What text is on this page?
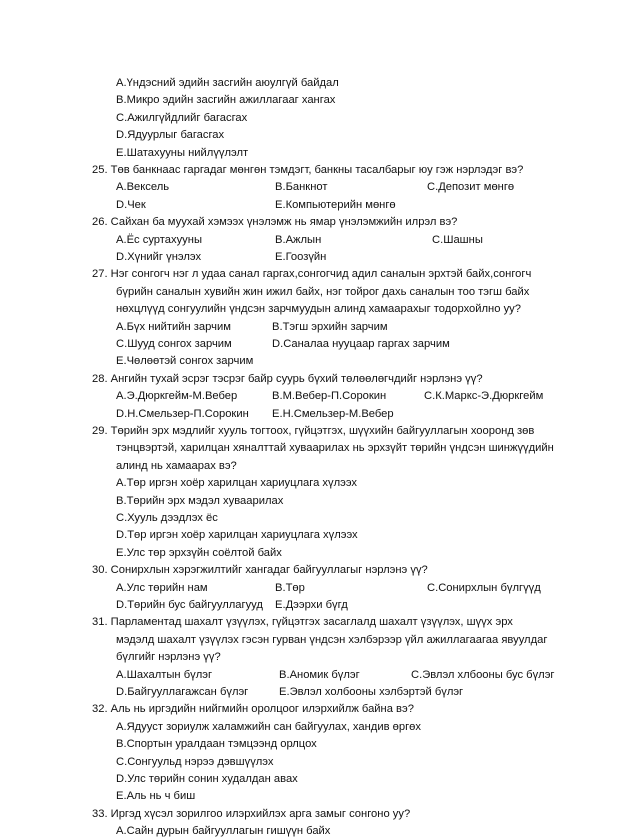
А.Үндэсний эдийн засгийн аюулгүй байдал
В.Микро эдийн засгийн ажиллагааг хангах
С.Ажилгүйдлийг багасгах
D.Ядуурлыг багасгах
Е.Шатахууны нийлүүлэлт
25. Төв банкнаас гаргадаг мөнгөн тэмдэгт, банкны тасалбарыг юу гэж нэрлэдэг вэ?
А.Вексель	В.Банкнот	С.Депозит мөнгө
D.Чек	Е.Компьютерийн мөнгө
26. Сайхан ба муухай хэмээх үнэлэмж нь ямар үнэлэмжийн илрэл вэ?
А.Ёс суртахууны	В.Ажлын	С.Шашны
D.Хүнийг үнэлэх	Е.Гоозүйн
27. Нэг сонгогч нэг л удаа санал гаргах,сонгогчид адил саналын эрхтэй байх,сонгогч
бүрийн саналын хувийн жин ижил байх, нэг тойрог дахь саналын тоо тэгш байх
нөхцлүүд сонгуулийн үндсэн зарчмуудын алинд хамаарахыг тодорхойлно уу?
А.Бүх нийтийн зарчим	В.Тэгш эрхийн зарчим
С.Шууд сонгох зарчим	D.Саналаа нууцаар гаргах зарчим
Е.Чөлөөтэй сонгох зарчим
28. Ангийн тухай эсрэг тэсрэг байр суурь бүхий төлөөлөгчдийг нэрлэнэ үү?
А.Э.Дюркгейм-М.Вебер	В.М.Вебер-П.Сорокин	С.К.Маркс-Э.Дюркгейм
D.Н.Смельзер-П.Сорокин Е.Н.Смельзер-М.Вебер
29. Төрийн эрх мэдлийг хууль тогтоох, гүйцэтгэх, шүүхийн байгууллагын хооронд зөв
тэнцвэртэй, харилцан хяналттай хуваарилах нь эрхзүйт төрийн үндсэн шинжүүдийн
алинд нь хамаарах вэ?
А.Төр иргэн хоёр харилцан хариуцлага хүлээх
В.Төрийн эрх мэдэл хуваарилах
С.Хууль дээдлэх ёс
D.Төр иргэн хоёр харилцан хариуцлага хүлээх
Е.Улс төр эрхзүйн соёлтой байх
30. Сонирхлын хэрэгжилтийг хангадаг байгууллагыг нэрлэнэ үү?
А.Улс төрийн нам	В.Төр	С.Сонирхлын бүлгүүд
D.Төрийн бус байгууллагууд Е.Дээрхи бүгд
31. Парламентад шахалт үзүүлэх, гүйцэтгэх засаглалд шахалт үзүүлэх, шүүх эрх
мэдэлд шахалт үзүүлэх гэсэн гурван үндсэн хэлбэрээр үйл ажиллагаагаа явуулдаг
бүлгийг нэрлэнэ үү?
А.Шахалтын бүлэг	В.Аномик бүлэг	С.Эвлэл хлбооны бус бүлэг
D.Байгууллагажсан бүлэг	Е.Эвлэл холбооны хэлбэртэй бүлэг
32. Аль нь иргэдийн нийгмийн оролцоог илэрхийлж байна вэ?
А.Ядууст зориулж халамжийн сан байгуулах, хандив өргөх
В.Спортын уралдаан тэмцээнд орлцох
С.Сонгуульд нэрээ дэвшүүлэх
D.Улс төрийн сонин худалдан авах
Е.Аль нь ч биш
33. Иргэд хүсэл зорилгоо илэрхийлэх арга замыг сонгоно уу?
А.Сайн дурын байгууллагын гишүүн байх
